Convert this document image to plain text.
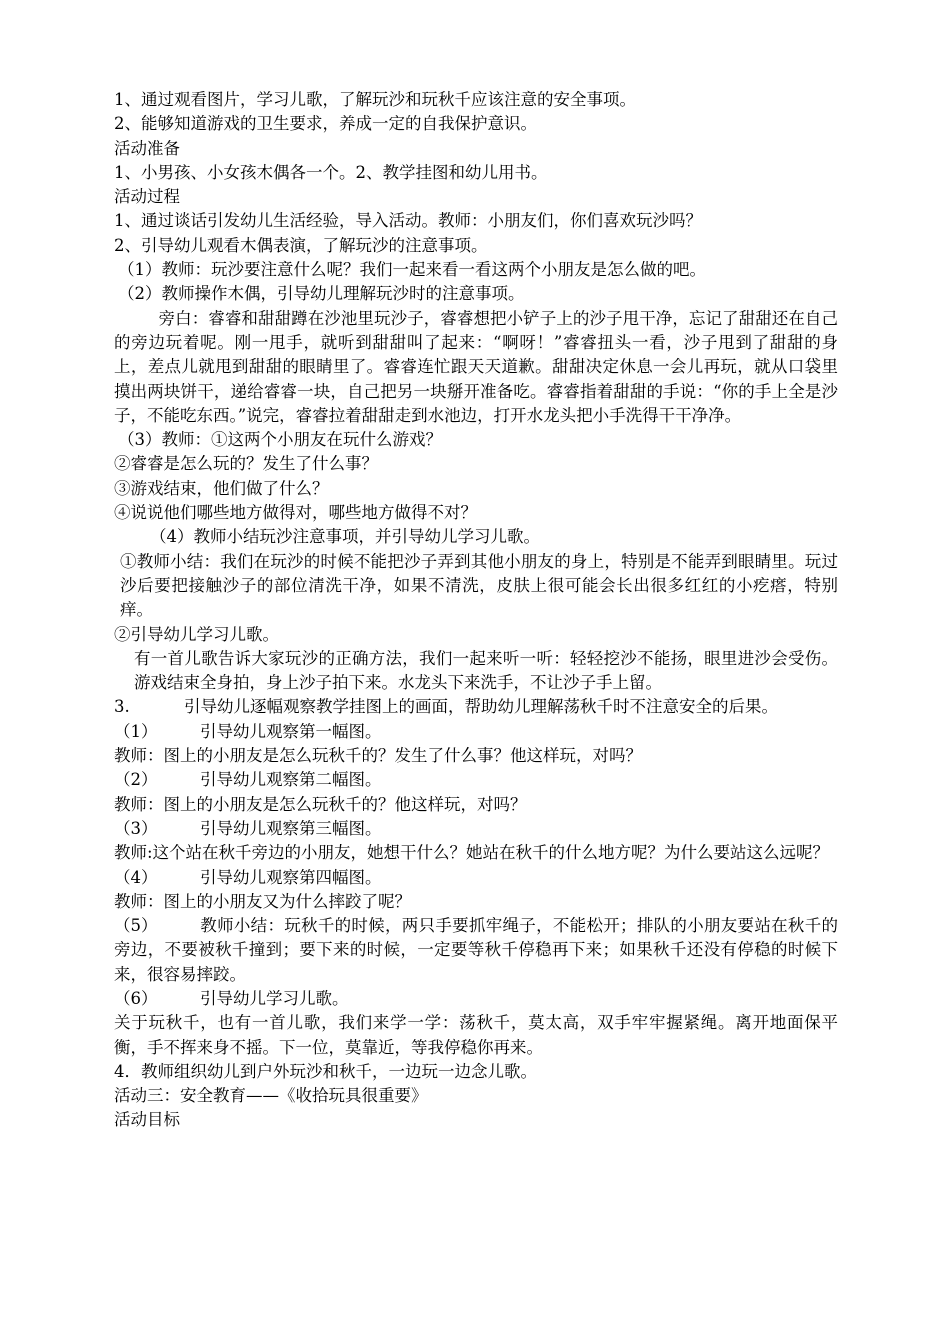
1、通过观看图片，学习儿歌，了解玩沙和玩秋千应该注意的安全事项。

2、能够知道游戏的卫生要求，养成一定的自我保护意识。

活动准备

1、小男孩、小女孩木偶各一个。2、教学挂图和幼儿用书。

活动过程

1、通过谈话引发幼儿生活经验，导入活动。教师：小朋友们，你们喜欢玩沙吗？

2、引导幼儿观看木偶表演，了解玩沙的注意事项。

（1）教师：玩沙要注意什么呢？我们一起来看一看这两个小朋友是怎么做的吧。

（2）教师操作木偶，引导幼儿理解玩沙时的注意事项。

旁白：睿睿和甜甜蹲在沙池里玩沙子，睿睿想把小铲子上的沙子甩干净，忘记了甜甜还在自己的旁边玩着呢。刚一甩手，就听到甜甜叫了起来：“啊呀！”睿睿扭头一看，沙子甩到了甜甜的身上，差点儿就甩到甜甜的眼睛里了。睿睿连忙跟天天道歉。甜甜决定休息一会儿再玩，就从口袋里摸出两块饼干，递给睿睿一块，自己把另一块掰开准备吃。睿睿指着甜甜的手说：“你的手上全是沙子，不能吃东西。”说完，睿睿拉着甜甜走到水池边，打开水龙头把小手洗得干干净净。

（3）教师：①这两个小朋友在玩什么游戏？

②睿睿是怎么玩的？发生了什么事？

③游戏结束，他们做了什么？

④说说他们哪些地方做得对，哪些地方做得不对？

（4）教师小结玩沙注意事项，并引导幼儿学习儿歌。

①教师小结：我们在玩沙的时候不能把沙子弄到其他小朋友的身上，特别是不能弄到眼睛里。玩过沙后要把接触沙子的部位清洗干净，如果不清洗，皮肤上很可能会长出很多红红的小疙瘩，特别痒。

②引导幼儿学习儿歌。

有一首儿歌告诉大家玩沙的正确方法，我们一起来听一听：轻轻挖沙不能扬，眼里进沙会受伤。游戏结束全身拍，身上沙子拍下来。水龙头下来洗手，不让沙子手上留。

3.	引导幼儿逐幅观察教学挂图上的画面，帮助幼儿理解荡秋千时不注意安全的后果。

（1）	引导幼儿观察第一幅图。

教师：图上的小朋友是怎么玩秋千的？发生了什么事？他这样玩，对吗？

（2）	引导幼儿观察第二幅图。

教师：图上的小朋友是怎么玩秋千的？他这样玩，对吗？

（3）	引导幼儿观察第三幅图。

教师:这个站在秋千旁边的小朋友，她想干什么？她站在秋千的什么地方呢？为什么要站这么远呢？

（4）	引导幼儿观察第四幅图。

教师：图上的小朋友又为什么摔跤了呢？

（5）	教师小结：玩秋千的时候，两只手要抓牢绳子，不能松开；排队的小朋友要站在秋千的旁边，不要被秋千撞到；要下来的时候，一定要等秋千停稳再下来；如果秋千还没有停稳的时候下来，很容易摔跤。

（6）	引导幼儿学习儿歌。

关于玩秋千，也有一首儿歌，我们来学一学：荡秋千，莫太高，双手牢牢握紧绳。离开地面保平衡，手不挥来身不摇。下一位，莫靠近，等我停稳你再来。

4．教师组织幼儿到户外玩沙和秋千，一边玩一边念儿歌。

活动三：安全教育——《收拾玩具很重要》

活动目标
